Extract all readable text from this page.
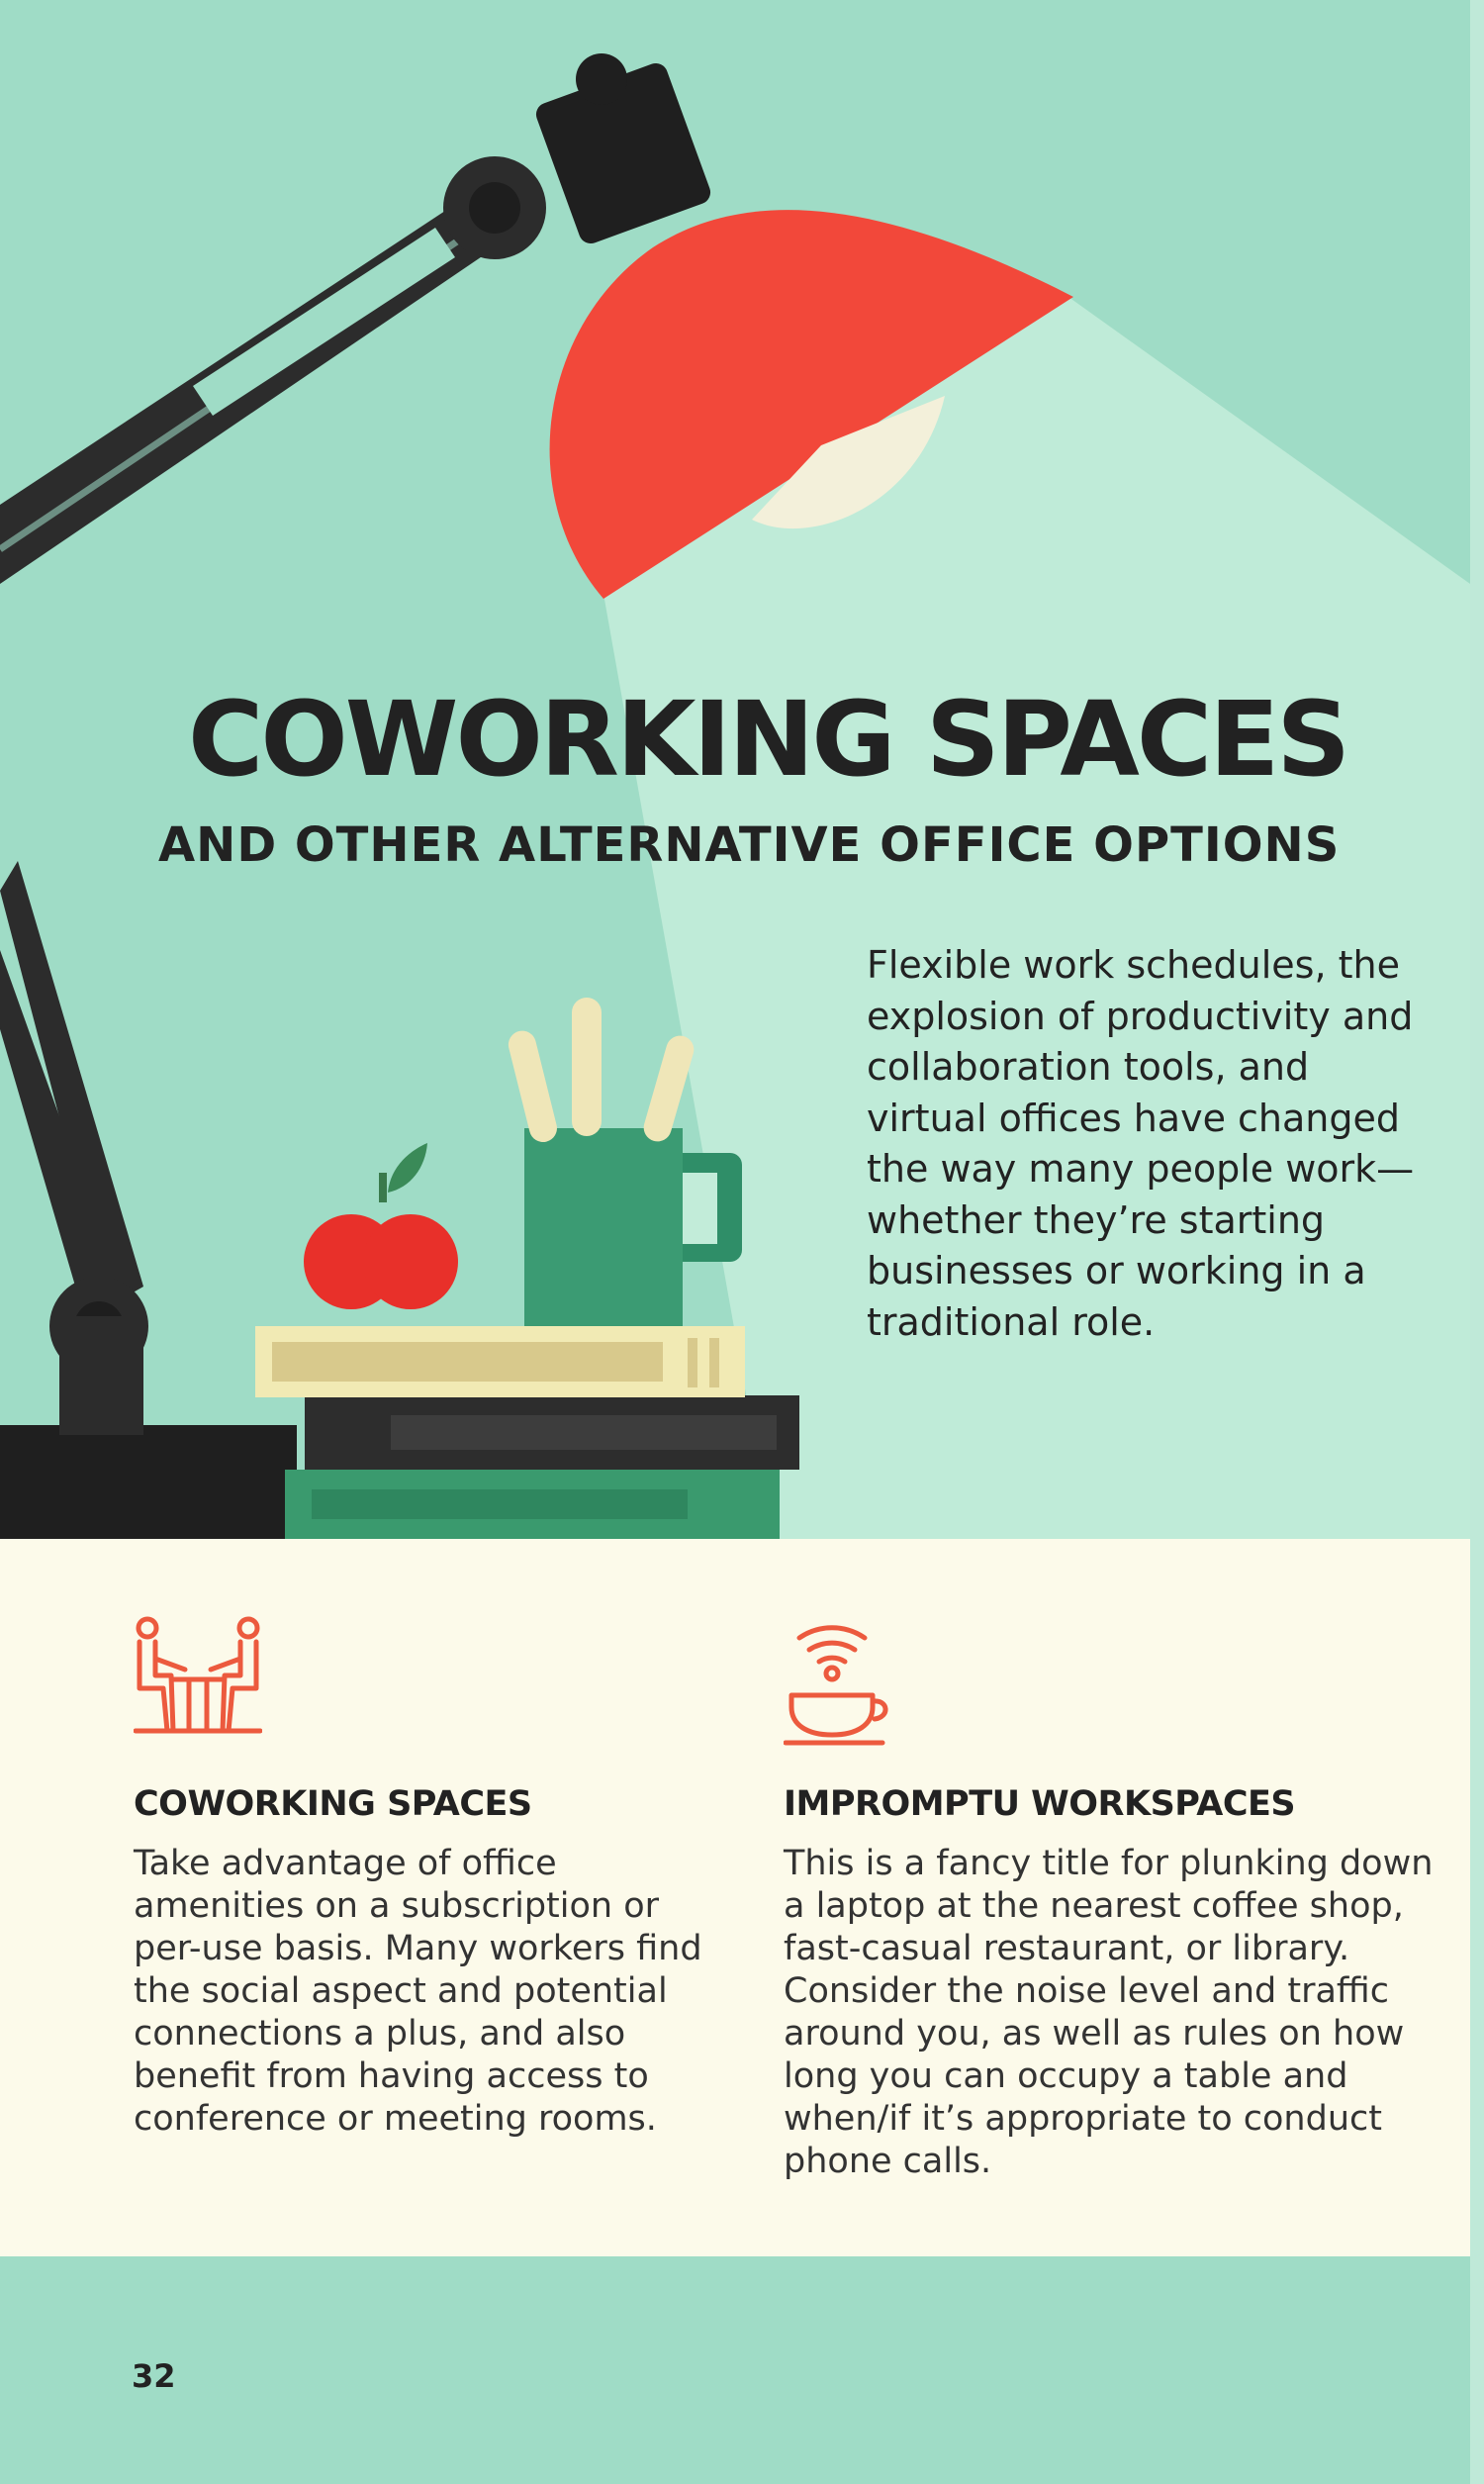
COWORKING SPACES
AND OTHER ALTERNATIVE OFFICE OPTIONS

Flexible work schedules, the explosion of productivity and collaboration tools, and virtual offices have changed the way many people work—whether they’re starting businesses or working in a traditional role.

COWORKING SPACES

Take advantage of office amenities on a subscription or per-use basis. Many workers find the social aspect and potential connections a plus, and also benefit from having access to conference or meeting rooms.

IMPROMPTU WORKSPACES

This is a fancy title for plunking down a laptop at the nearest coffee shop, fast-casual restaurant, or library. Consider the noise level and traffic around you, as well as rules on how long you can occupy a table and when/if it’s appropriate to conduct phone calls.

32
